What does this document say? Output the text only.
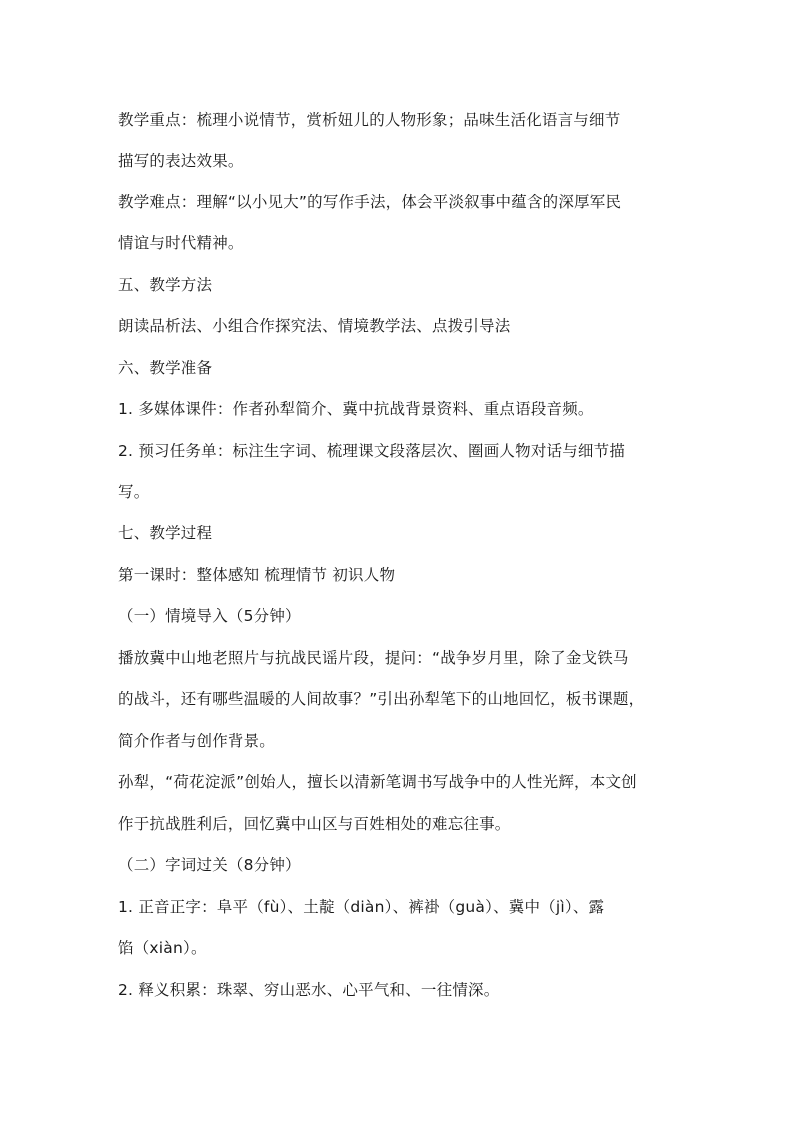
教学重点：梳理小说情节，赏析妞儿的人物形象；品味生活化语言与细节
描写的表达效果。
教学难点：理解“以小见大”的写作手法，体会平淡叙事中蕴含的深厚军民
情谊与时代精神。
五、教学方法
朗读品析法、小组合作探究法、情境教学法、点拨引导法
六、教学准备
1. 多媒体课件：作者孙犁简介、冀中抗战背景资料、重点语段音频。
2. 预习任务单：标注生字词、梳理课文段落层次、圈画人物对话与细节描
写。
七、教学过程
第一课时：整体感知 梳理情节 初识人物
（一）情境导入（5分钟）
播放冀中山地老照片与抗战民谣片段，提问：“战争岁月里，除了金戈铁马
的战斗，还有哪些温暖的人间故事？”引出孙犁笔下的山地回忆，板书课题，
简介作者与创作背景。
孙犁，“荷花淀派”创始人，擅长以清新笔调书写战争中的人性光辉，本文创
作于抗战胜利后，回忆冀中山区与百姓相处的难忘往事。
（二）字词过关（8分钟）
1. 正音正字：阜平（fù）、土靛（diàn）、裤褂（guà）、冀中（jì）、露
馅（xiàn）。
2. 释义积累：珠翠、穷山恶水、心平气和、一往情深。
